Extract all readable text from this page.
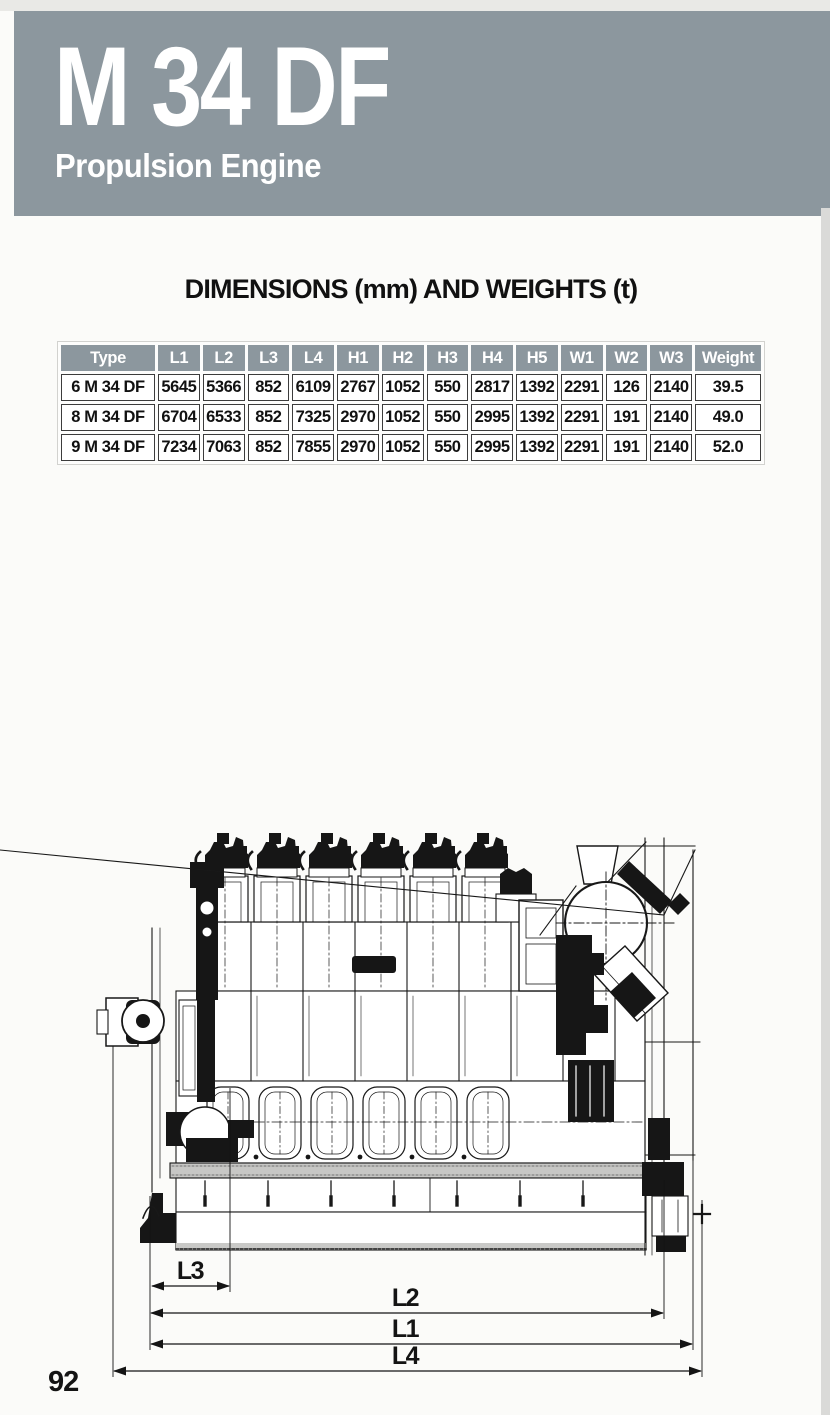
M 34 DF
Propulsion Engine
DIMENSIONS (mm) AND WEIGHTS (t)
Type	L1	L2	L3	L4	H1	H2	H3	H4	H5	W1	W2	W3	Weight
6 M 34 DF	5645	5366	852	6109	2767	1052	550	2817	1392	2291	126	2140	39.5
8 M 34 DF	6704	6533	852	7325	2970	1052	550	2995	1392	2291	191	2140	49.0
9 M 34 DF	7234	7063	852	7855	2970	1052	550	2995	1392	2291	191	2140	52.0
L3
L2
L1
L4
92
